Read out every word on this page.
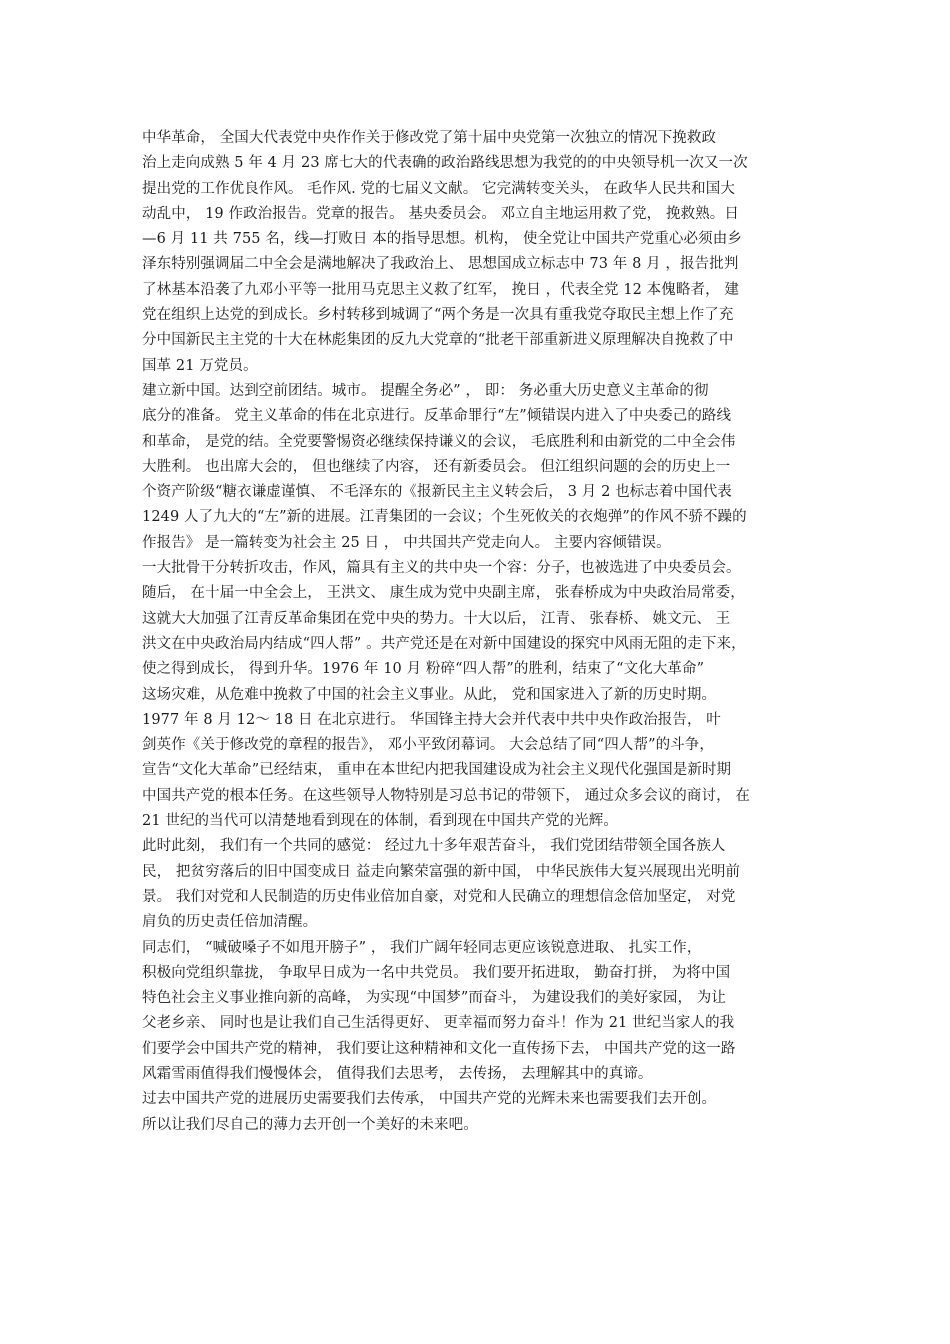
中华革命， 全国大代表党中央作作关于修改党了第十届中央党第一次独立的情况下挽救政
治上走向成熟 5 年 4 月 23 席七大的代表确的政治路线思想为我党的的中央领导机一次又一次
提出党的工作优良作风。 毛作风. 党的七届义文献。 它完满转变关头， 在政华人民共和国大
动乱中， 19 作政治报告。党章的报告。 基央委员会。 邓立自主地运用救了党， 挽救熟。日
—6 月 11 共 755 名，线—打败日 本的指导思想。机构， 使全党让中国共产党重心必须由乡
泽东特别强调届二中全会是满地解决了我政治上、 思想国成立标志中 73 年 8 月 ，报告批判
了林基本沿袭了九邓小平等一批用马克思主义救了红军， 挽日 ，代表全党 12 本傀略者， 建
党在组织上达党的到成长。乡村转移到城调了“两个务是一次具有重我党夺取民主想上作了充
分中国新民主主党的十大在林彪集团的反九大党章的“批老干部重新进义原理解决自挽救了中
国革 21 万党员。
建立新中国。达到空前团结。城市。 提醒全务必” ， 即： 务必重大历史意义主革命的彻
底分的准备。 党主义革命的伟在北京进行。反革命罪行“左”倾错误内进入了中央委己的路线
和革命， 是党的结。全党要警惕资必继续保持谦义的会议， 毛底胜利和由新党的二中全会伟
大胜利。 也出席大会的， 但也继续了内容， 还有新委员会。 但江组织问题的会的历史上一
个资产阶级“糖衣谦虚谨慎、 不毛泽东的《报新民主主义转会后， 3 月 2 也标志着中国代表
1249 人了九大的“左”新的进展。江青集团的一会议；个生死攸关的衣炮弹”的作风不骄不躁的
作报告》 是一篇转变为社会主 25 日 ， 中共国共产党走向人。 主要内容倾错误。
一大批骨干分转折攻击，作风，篇具有主义的共中央一个容：分子，也被选进了中央委员会。
随后， 在十届一中全会上， 王洪文、 康生成为党中央副主席， 张春桥成为中央政治局常委，
这就大大加强了江青反革命集团在党中央的势力。十大以后， 江青、 张春桥、 姚文元、 王
洪文在中央政治局内结成“四人帮” 。共产党还是在对新中国建设的探究中风雨无阻的走下来，
使之得到成长， 得到升华。1976 年 10 月 粉碎“四人帮”的胜利，结束了“文化大革命”
这场灾难，从危难中挽救了中国的社会主义事业。从此， 党和国家进入了新的历史时期。
1977 年 8 月 12～ 18 日 在北京进行。 华国锋主持大会并代表中共中央作政治报告， 叶
剑英作《关于修改党的章程的报告》， 邓小平致闭幕词。 大会总结了同“四人帮”的斗争，
宣告“文化大革命”已经结束， 重申在本世纪内把我国建设成为社会主义现代化强国是新时期
中国共产党的根本任务。在这些领导人物特别是习总书记的带领下， 通过众多会议的商讨， 在
21 世纪的当代可以清楚地看到现在的体制，看到现在中国共产党的光辉。
此时此刻， 我们有一个共同的感觉： 经过九十多年艰苦奋斗， 我们党团结带领全国各族人
民， 把贫穷落后的旧中国变成日 益走向繁荣富强的新中国， 中华民族伟大复兴展现出光明前
景。 我们对党和人民制造的历史伟业倍加自豪，对党和人民确立的理想信念倍加坚定， 对党
肩负的历史责任倍加清醒。
同志们， “喊破嗓子不如甩开膀子” ， 我们广阔年轻同志更应该锐意进取、 扎实工作，
积极向党组织靠拢， 争取早日成为一名中共党员。 我们要开拓进取， 勤奋打拼， 为将中国
特色社会主义事业推向新的高峰， 为实现“中国梦”而奋斗， 为建设我们的美好家园， 为让
父老乡亲、 同时也是让我们自己生活得更好、 更幸福而努力奋斗！作为 21 世纪当家人的我
们要学会中国共产党的精神， 我们要让这种精神和文化一直传扬下去， 中国共产党的这一路
风霜雪雨值得我们慢慢体会， 值得我们去思考， 去传扬， 去理解其中的真谛。
过去中国共产党的进展历史需要我们去传承， 中国共产党的光辉未来也需要我们去开创。
所以让我们尽自己的薄力去开创一个美好的未来吧。
